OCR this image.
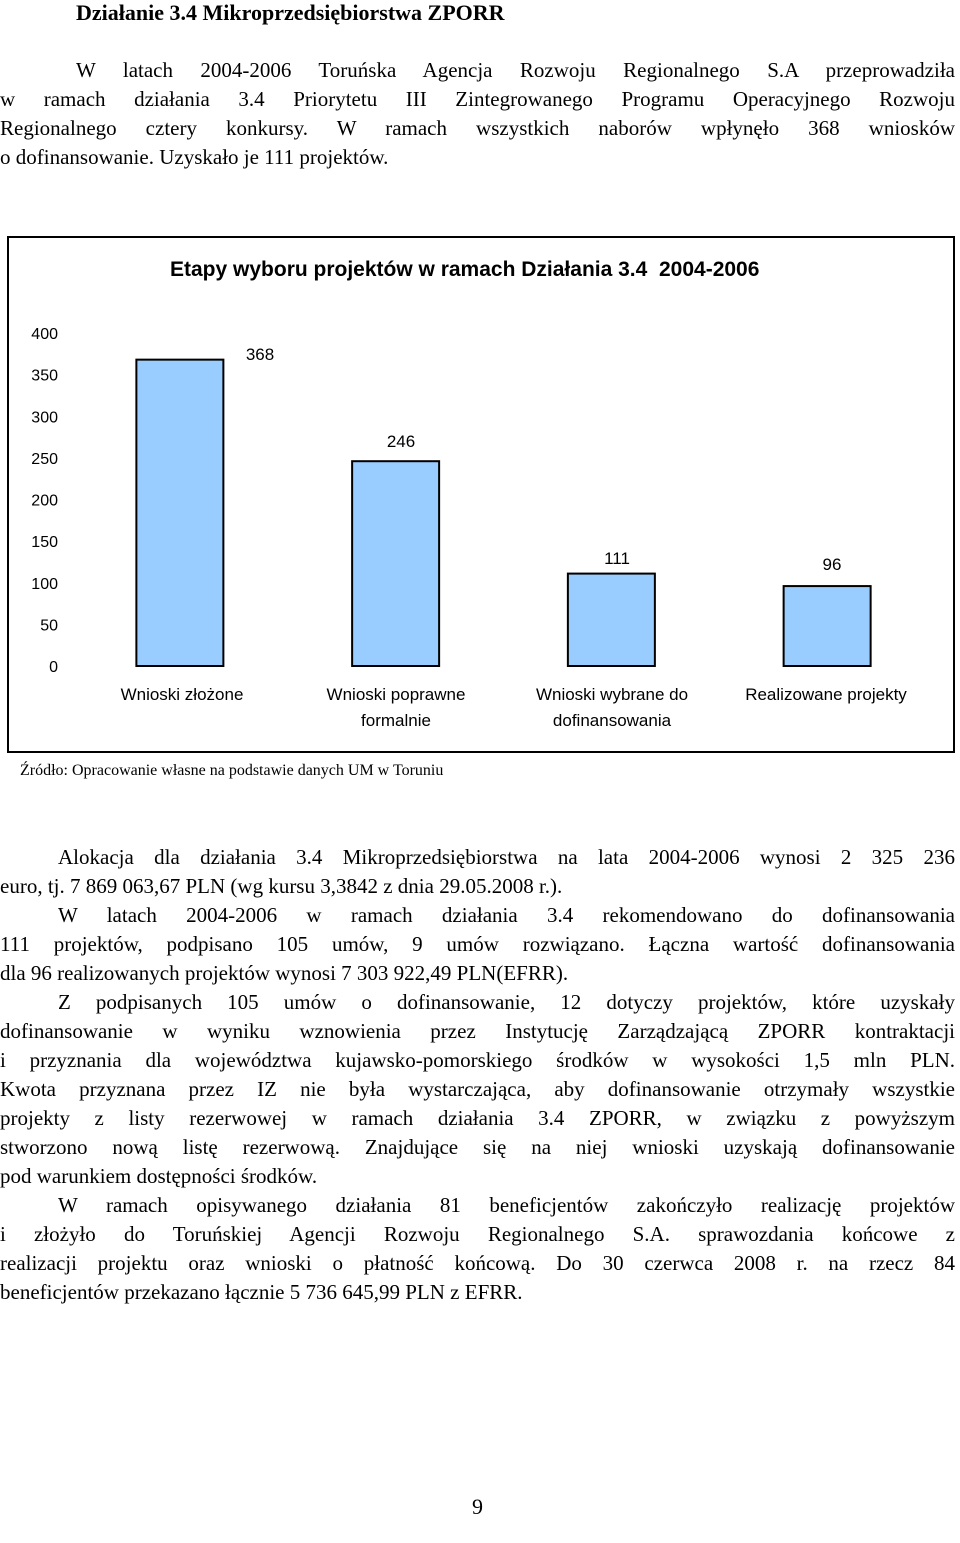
Działanie 3.4 Mikroprzedsiębiorstwa ZPORR
W latach 2004-2006 Toruńska Agencja Rozwoju Regionalnego S.A przeprowadziła
w ramach działania 3.4 Priorytetu III Zintegrowanego Programu Operacyjnego Rozwoju
Regionalnego cztery konkursy. W ramach wszystkich naborów wpłynęło 368 wniosków
o dofinansowanie. Uzyskało je 111 projektów.
Etapy wyboru projektów w ramach Działania 3.4  2004-2006
0
50
100
150
200
250
300
350
400
368
Wnioski złożone
246
Wnioski poprawne
formalnie
111
Wnioski wybrane do
dofinansowania
96
Realizowane projekty
Źródło: Opracowanie własne na podstawie danych UM w Toruniu
Alokacja dla działania 3.4 Mikroprzedsiębiorstwa na lata 2004-2006 wynosi 2 325 236
euro, tj. 7 869 063,67 PLN (wg kursu 3,3842 z dnia 29.05.2008 r.).
W latach 2004-2006 w ramach działania 3.4 rekomendowano do dofinansowania
111 projektów, podpisano 105 umów, 9 umów rozwiązano. Łączna wartość dofinansowania
dla 96 realizowanych projektów wynosi 7 303 922,49 PLN(EFRR).
Z podpisanych 105 umów o dofinansowanie, 12 dotyczy projektów, które uzyskały
dofinansowanie w wyniku wznowienia przez Instytucję Zarządzającą ZPORR kontraktacji
i przyznania dla województwa kujawsko-pomorskiego środków w wysokości 1,5 mln PLN.
Kwota przyznana przez IZ nie była wystarczająca, aby dofinansowanie otrzymały wszystkie
projekty z listy rezerwowej w ramach działania 3.4 ZPORR, w związku z powyższym
stworzono nową listę rezerwową. Znajdujące się na niej wnioski uzyskają dofinansowanie
pod warunkiem dostępności środków.
W ramach opisywanego działania 81 beneficjentów zakończyło realizację projektów
i złożyło do Toruńskiej Agencji Rozwoju Regionalnego S.A. sprawozdania końcowe z
realizacji projektu oraz wnioski o płatność końcową. Do 30 czerwca 2008 r. na rzecz 84
beneficjentów przekazano łącznie 5 736 645,99 PLN z EFRR.
9
